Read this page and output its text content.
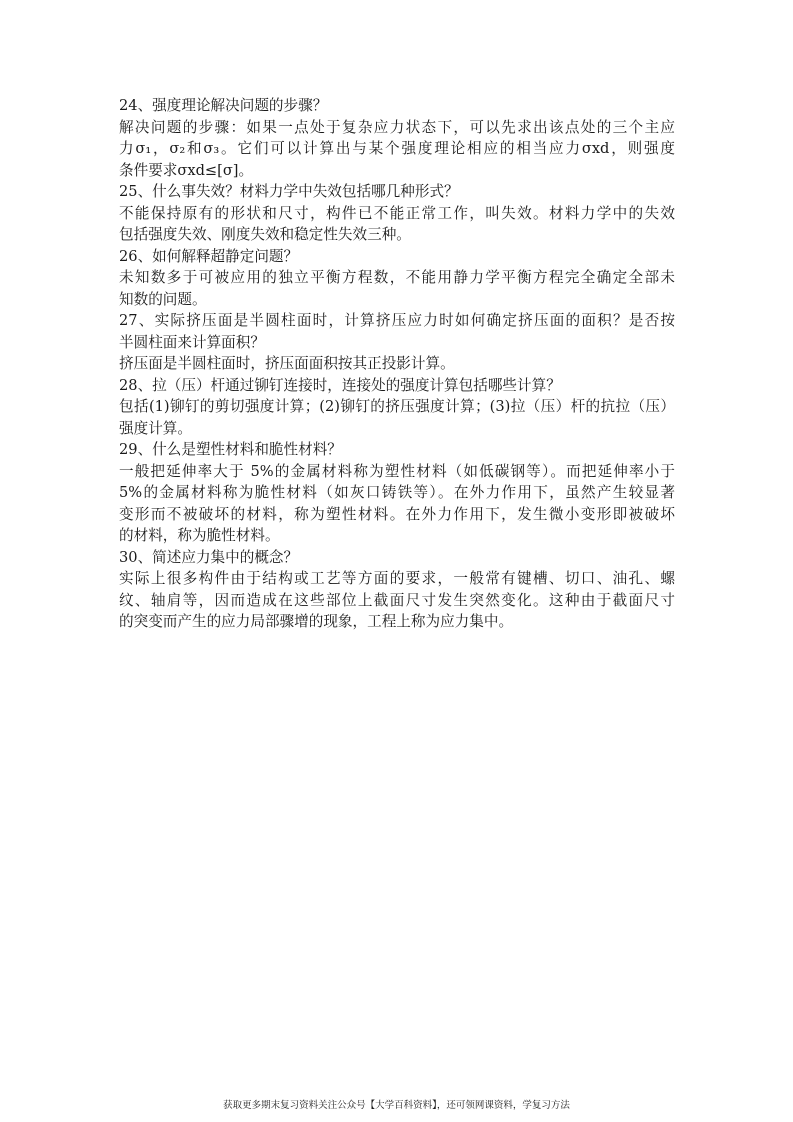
24、强度理论解决问题的步骤？
解决问题的步骤：如果一点处于复杂应力状态下，可以先求出该点处的三个主应
力σ₁，σ₂和σ₃。它们可以计算出与某个强度理论相应的相当应力σxd，则强度
条件要求σxd≤[σ]。
25、什么事失效？材料力学中失效包括哪几种形式？
不能保持原有的形状和尺寸，构件已不能正常工作，叫失效。材料力学中的失效
包括强度失效、刚度失效和稳定性失效三种。
26、如何解释超静定问题？
未知数多于可被应用的独立平衡方程数，不能用静力学平衡方程完全确定全部未
知数的问题。
27、实际挤压面是半圆柱面时，计算挤压应力时如何确定挤压面的面积？是否按
半圆柱面来计算面积？
挤压面是半圆柱面时，挤压面面积按其正投影计算。
28、拉（压）杆通过铆钉连接时，连接处的强度计算包括哪些计算？
包括(1)铆钉的剪切强度计算；(2)铆钉的挤压强度计算；(3)拉（压）杆的抗拉（压）
强度计算。
29、什么是塑性材料和脆性材料？
一般把延伸率大于 5%的金属材料称为塑性材料（如低碳钢等）。而把延伸率小于
5%的金属材料称为脆性材料（如灰口铸铁等）。在外力作用下，虽然产生较显著
变形而不被破坏的材料，称为塑性材料。在外力作用下，发生微小变形即被破坏
的材料，称为脆性材料。
30、简述应力集中的概念？
实际上很多构件由于结构或工艺等方面的要求，一般常有键槽、切口、油孔、螺
纹、轴肩等，因而造成在这些部位上截面尺寸发生突然变化。这种由于截面尺寸
的突变而产生的应力局部骤增的现象，工程上称为应力集中。
获取更多期末复习资料关注公众号【大学百科资料】，还可领网课资料，学复习方法
